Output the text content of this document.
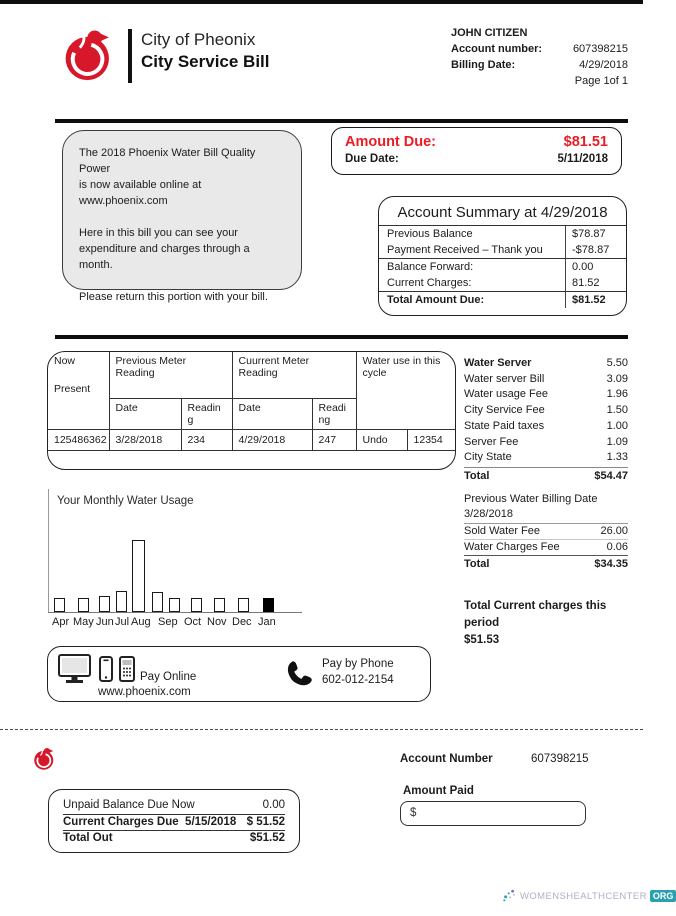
City of Pheonix
City Service Bill
JOHN CITIZEN
Account number:	607398215
Billing Date:	4/29/2018
Page 1of 1

The 2018 Phoenix Water Bill Quality Power
is now available online at
www.phoenix.com

Here in this bill you can see your
expenditure and charges through a month.

Please return this portion with your bill.

Amount Due:	$81.51
Due Date:	5/11/2018
Account Summary at 4/29/2018
Previous Balance	$78.87
Payment Received – Thank you	-$78.87
Balance Forward:	0.00
Current Charges:	81.52
Total Amount Due:	$81.52
Now
Present	Previous Meter Reading		Cuurrent Meter Reading		Water use in this cycle	
	Date	Reading	Date	Reading		
125486362	3/28/2018	234	4/29/2018	247	Undo	12354
Water Server	5.50
Water server Bill	3.09
Water usage Fee	1.96
City Service Fee	1.50
State Paid taxes	1.00
Server Fee	1.09
City State	1.33
Total	$54.47
Your Monthly Water Usage
Apr May Jun Jul Aug Sep Oct Nov Dec Jan
Previous Water Billing Date
3/28/2018
Sold Water Fee	26.00
Water Charges Fee	0.06
Total	$34.35
Total Current charges this period
$51.53
Pay Online
www.phoenix.com
Pay by Phone
602-012-2154
Account Number	607398215
Unpaid Balance Due Now	0.00
Current Charges Due  5/15/2018 $ 51.52
Total Out	$51.52
Amount Paid
$
WOMENSHEALTHCENTER ORG
